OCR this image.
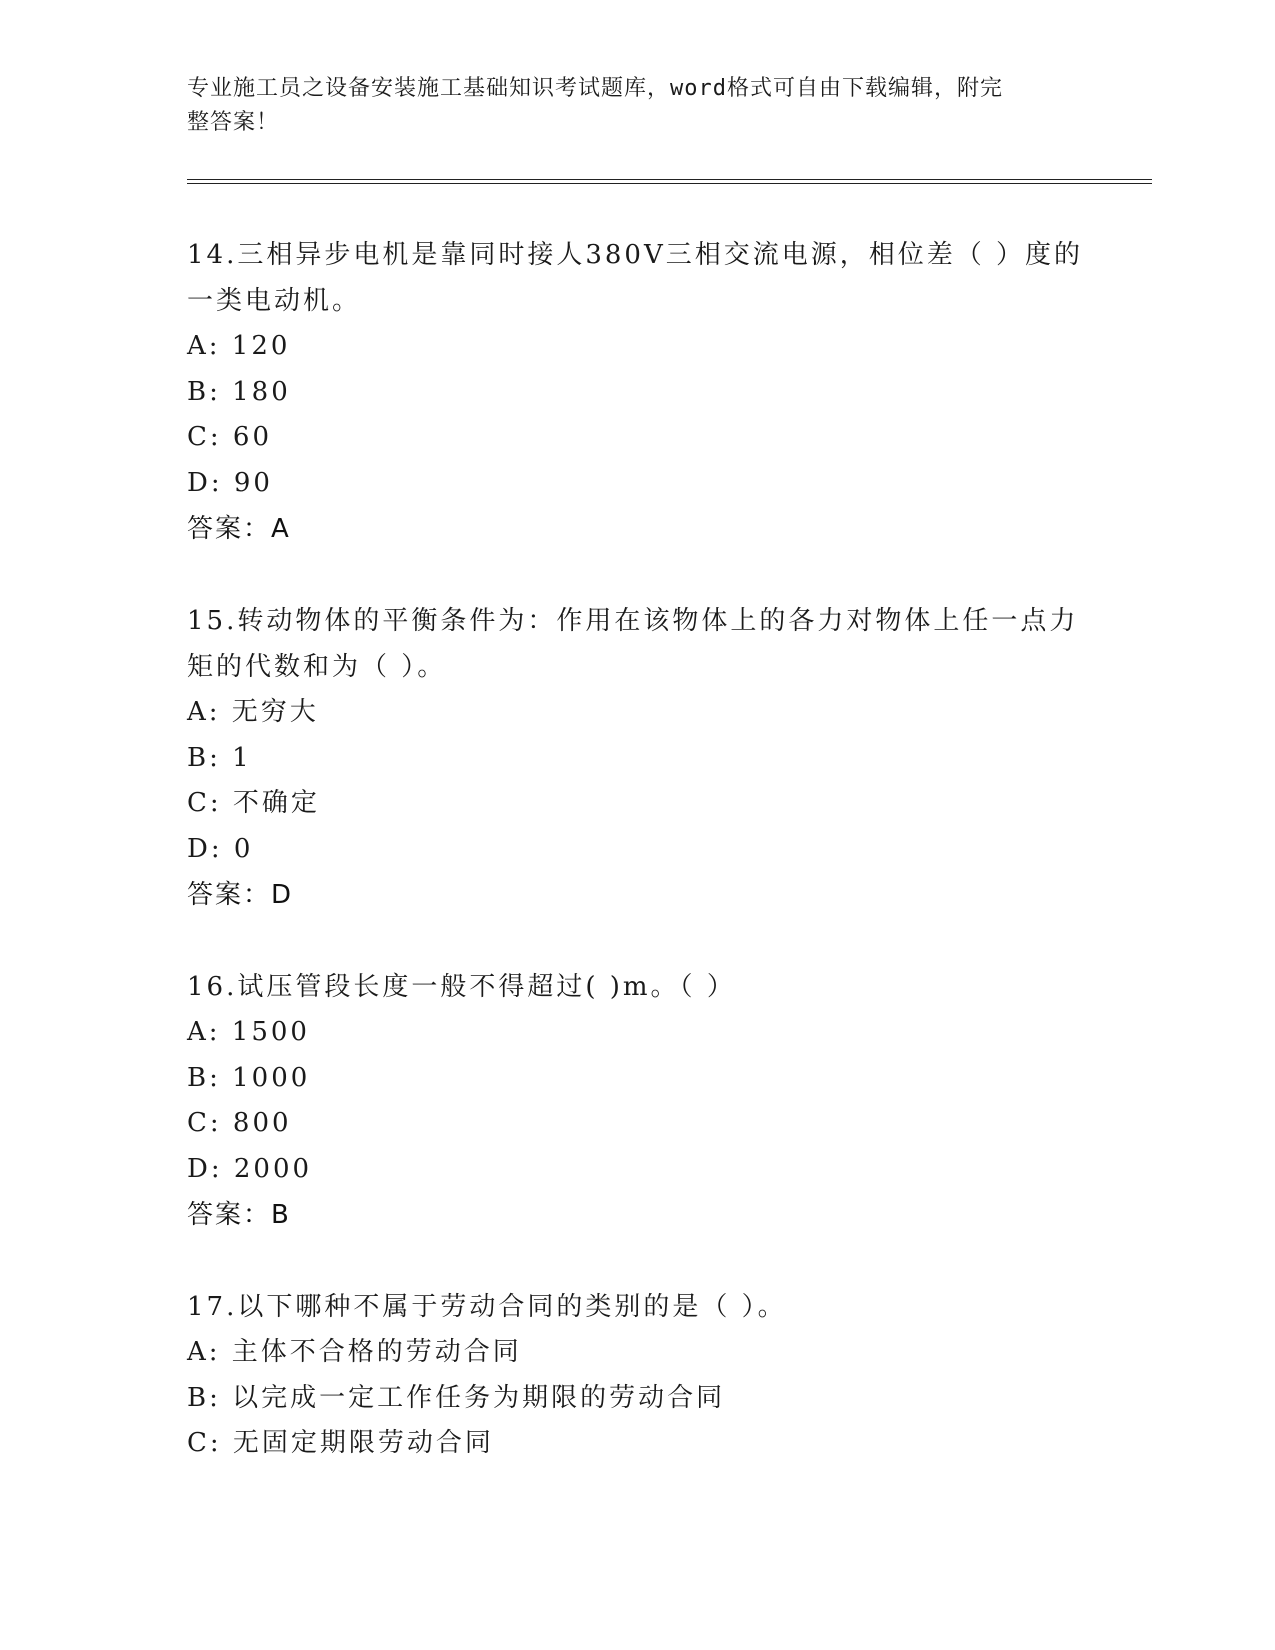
专业施工员之设备安装施工基础知识考试题库，word格式可自由下载编辑，附完
整答案！
14.三相异步电机是靠同时接人380V三相交流电源，相位差（ ）度的
一类电动机。
A: 120
B: 180
C: 60
D: 90
答案：A
15.转动物体的平衡条件为：作用在该物体上的各力对物体上任一点力
矩的代数和为（ ）。
A: 无穷大
B: 1
C: 不确定
D: 0
答案：D
16.试压管段长度一般不得超过( )m。（ ）
A: 1500
B: 1000
C: 800
D: 2000
答案：B
17.以下哪种不属于劳动合同的类别的是（ ）。
A: 主体不合格的劳动合同
B: 以完成一定工作任务为期限的劳动合同
C: 无固定期限劳动合同
